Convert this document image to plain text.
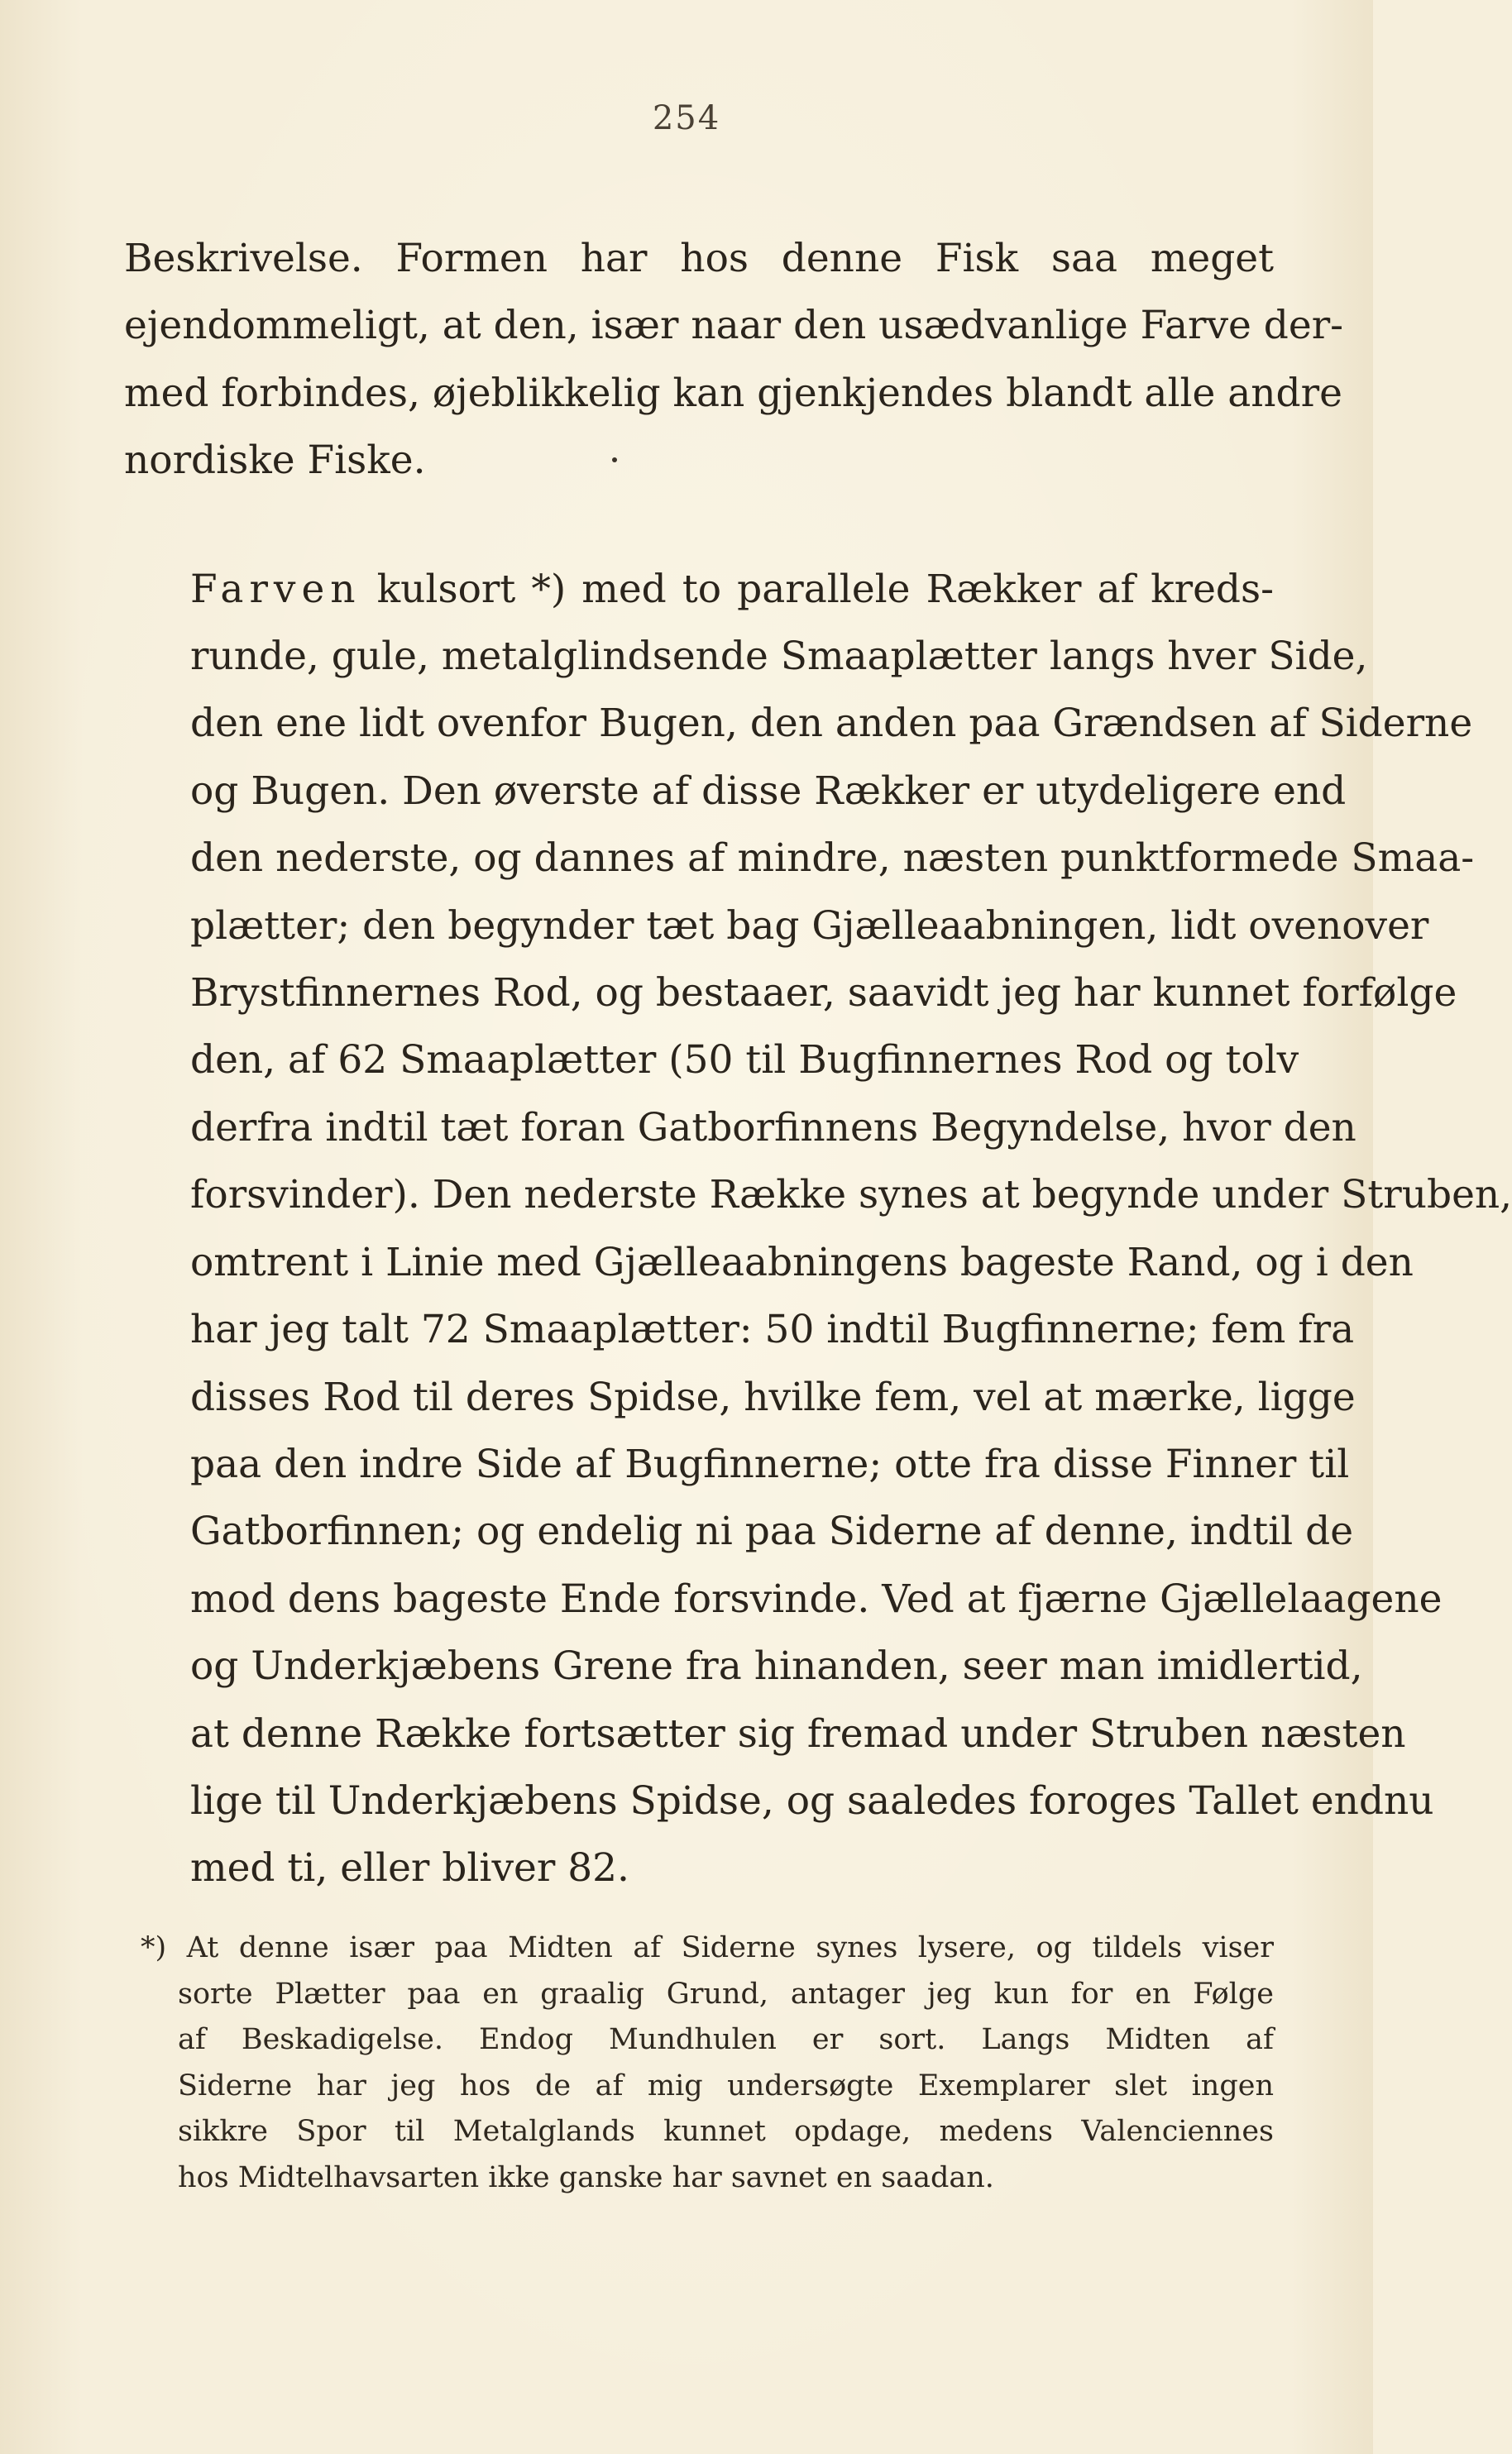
254

Beskrivelse. Formen har hos denne Fisk saa meget
ejendommeligt, at den, især naar den usædvanlige Farve der-
med forbindes, øjeblikkelig kan gjenkjendes blandt alle andre
nordiske Fiske.

Farven kulsort *) med to parallele Rækker af kreds-
runde, gule, metalglindsende Smaaplætter langs hver Side,
den ene lidt ovenfor Bugen, den anden paa Grændsen af Siderne
og Bugen. Den øverste af disse Rækker er utydeligere end
den nederste, og dannes af mindre, næsten punktformede Smaa-
plætter; den begynder tæt bag Gjælleaabningen, lidt ovenover
Brystfinnernes Rod, og bestaaer, saavidt jeg har kunnet forfølge
den, af 62 Smaaplætter (50 til Bugfinnernes Rod og tolv
derfra indtil tæt foran Gatborfinnens Begyndelse, hvor den
forsvinder). Den nederste Række synes at begynde under Struben,
omtrent i Linie med Gjælleaabningens bageste Rand, og i den
har jeg talt 72 Smaaplætter: 50 indtil Bugfinnerne; fem fra
disses Rod til deres Spidse, hvilke fem, vel at mærke, ligge
paa den indre Side af Bugfinnerne; otte fra disse Finner til
Gatborfinnen; og endelig ni paa Siderne af denne, indtil de
mod dens bageste Ende forsvinde. Ved at fjærne Gjællelaagene
og Underkjæbens Grene fra hinanden, seer man imidlertid,
at denne Række fortsætter sig fremad under Struben næsten
lige til Underkjæbens Spidse, og saaledes foroges Tallet endnu
med ti, eller bliver 82.

*) At denne især paa Midten af Siderne synes lysere, og tildels viser
sorte Plætter paa en graalig Grund, antager jeg kun for en Følge
af Beskadigelse. Endog Mundhulen er sort. Langs Midten af
Siderne har jeg hos de af mig undersøgte Exemplarer slet ingen
sikkre Spor til Metalglands kunnet opdage, medens Valenciennes
hos Midtelhavsarten ikke ganske har savnet en saadan.
